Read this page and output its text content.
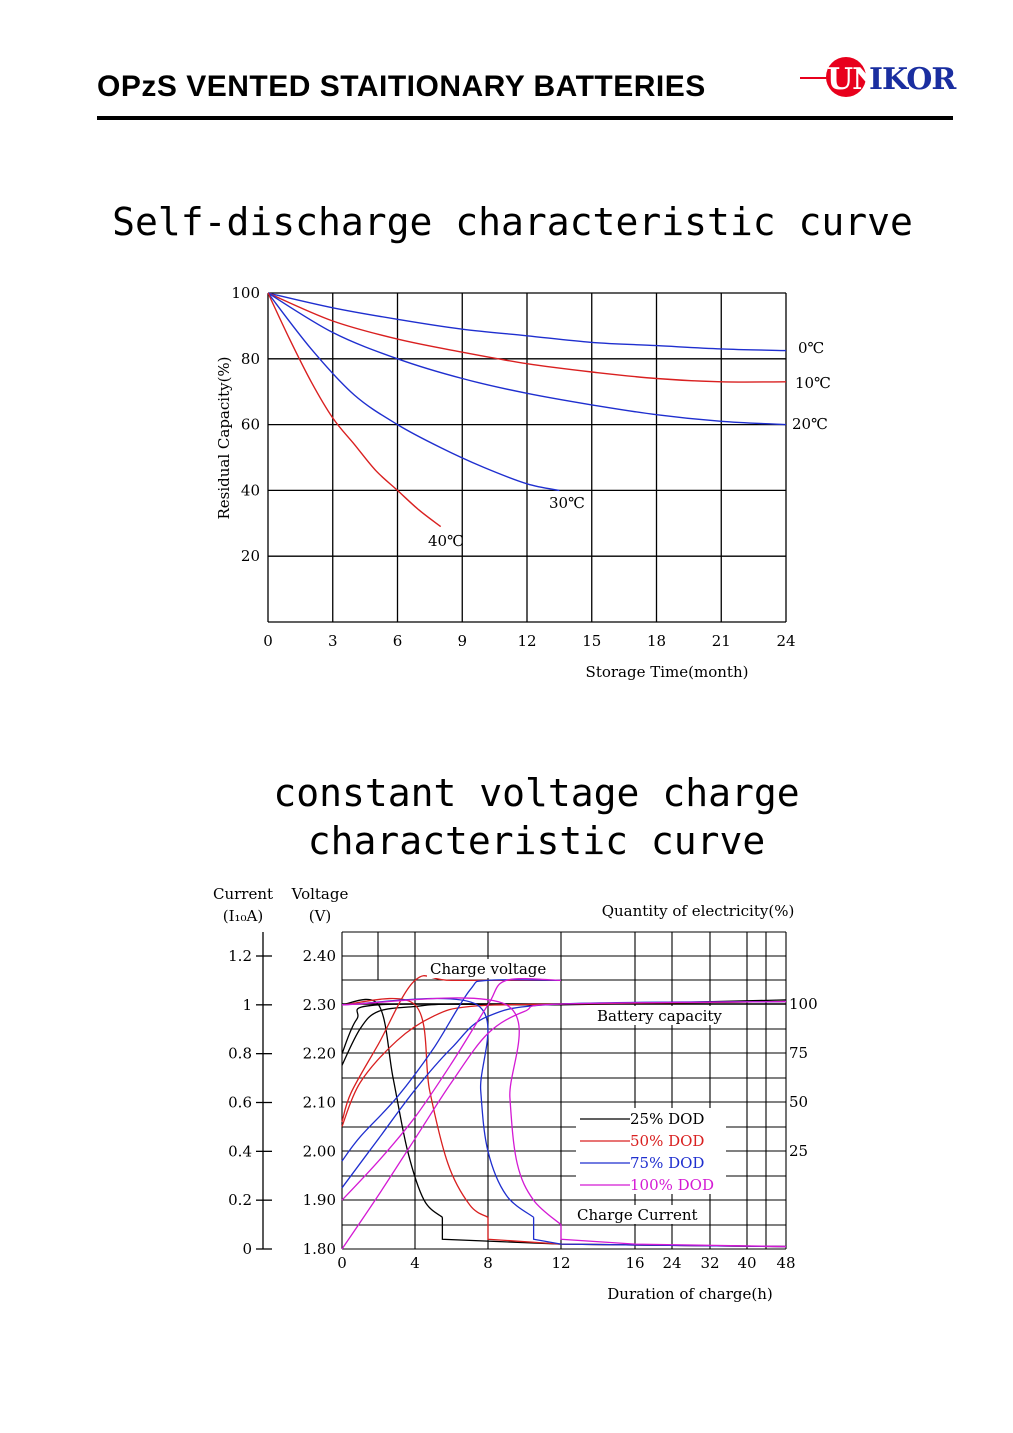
OPzS VENTED STAITIONARY BATTERIES	UN
IKOR
Self-discharge characteristic curve
0	3	6	9	12	15	18	21	24
20
40
60
80
100
Storage Time(month)
Residual Capacity(%)
0℃
10℃
20℃
30℃
40℃
constant voltage charge characteristic curve
1.2
1
0.8
0.6
0.4
0.2
0
2.40
2.30
2.20
2.10
2.00
1.90
1.80
100
75
50
25
0	4	8	12	16 24 32 40 48
Current
(I₁₀A)
Voltage
(V)	Quantity of electricity(%)
Duration of charge(h)
Charge voltage
Battery capacity
Charge Current
25% DOD
50% DOD
75% DOD
100% DOD
